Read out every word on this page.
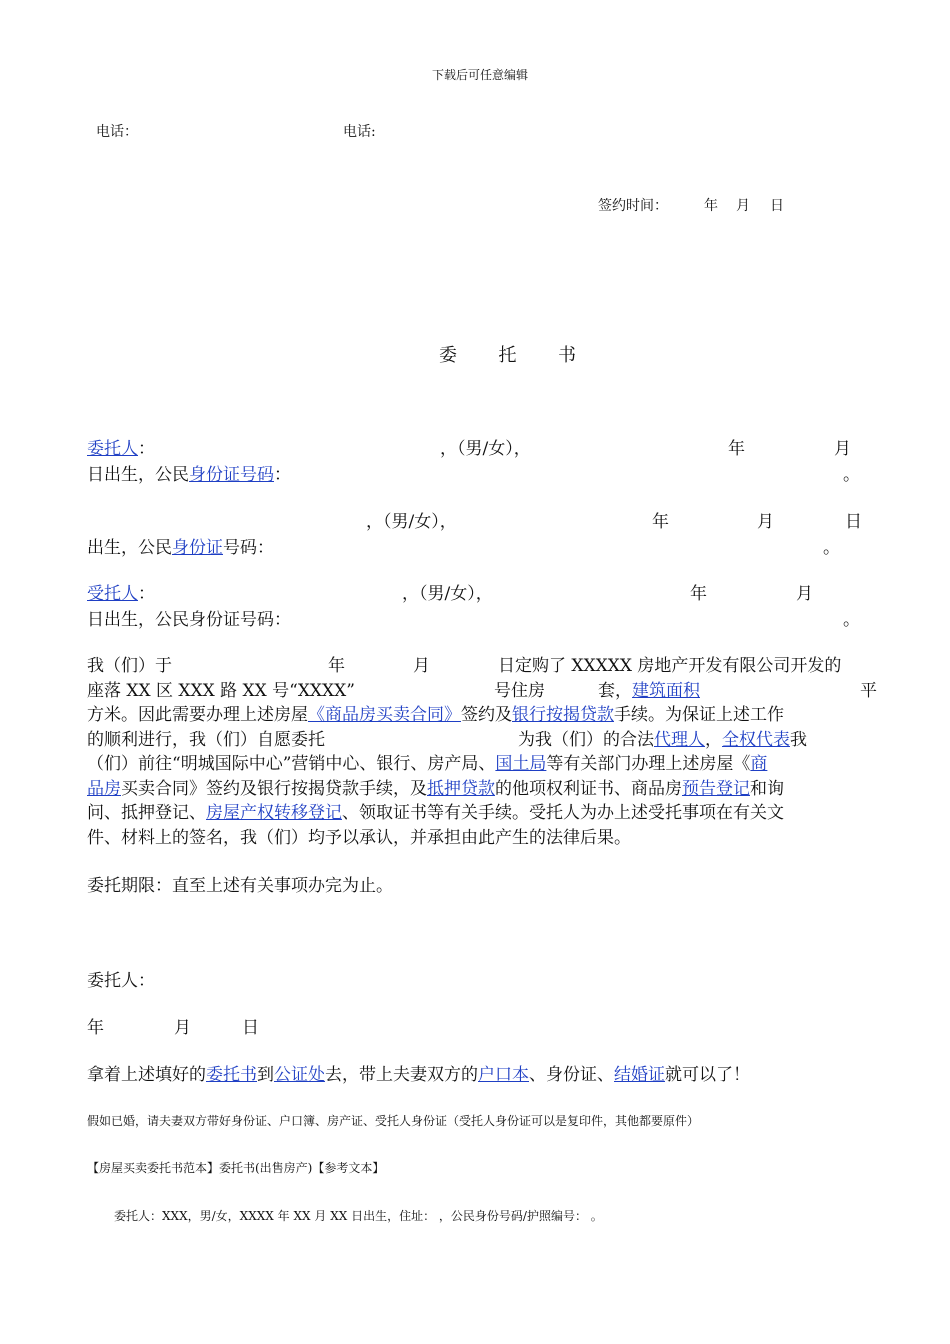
下载后可任意编辑
电话：	电话:
签约时间：	年 月 日
委 托 书
委托人：	，（男/女），	年	月
日出生，公民身份证号码：	。
，（男/女），	年	月	日
出生，公民身份证号码：	。
受托人：	，（男/女），	年	月
日出生，公民身份证号码：	。
我（们）于	年	月	日定购了 XXXXX 房地产开发有限公司开发的
座落 XX 区 XXX 路 XX 号“XXXX”	号住房	套，建筑面积	平
方米。因此需要办理上述房屋《商品房买卖合同》签约及银行按揭贷款手续。为保证上述工作
的顺利进行，我（们）自愿委托	为我（们）的合法代理人，全权代表我
（们）前往“明城国际中心”营销中心、银行、房产局、国土局等有关部门办理上述房屋《商
品房买卖合同》签约及银行按揭贷款手续，及抵押贷款的他项权利证书、商品房预告登记和询
问、抵押登记、房屋产权转移登记、领取证书等有关手续。受托人为办上述受托事项在有关文
件、材料上的签名，我（们）均予以承认，并承担由此产生的法律后果。
委托期限：直至上述有关事项办完为止。
委托人：
年	月	日
拿着上述填好的委托书到公证处去，带上夫妻双方的户口本、身份证、结婚证就可以了！
假如已婚，请夫妻双方带好身份证、户口簿、房产证、受托人身份证（受托人身份证可以是复印件，其他都要原件）
【房屋买卖委托书范本】委托书(出售房产)【参考文本】
委托人：XXX，男/女，XXXX 年 XX 月 XX 日出生，住址： ，公民身份号码/护照编号： 。
